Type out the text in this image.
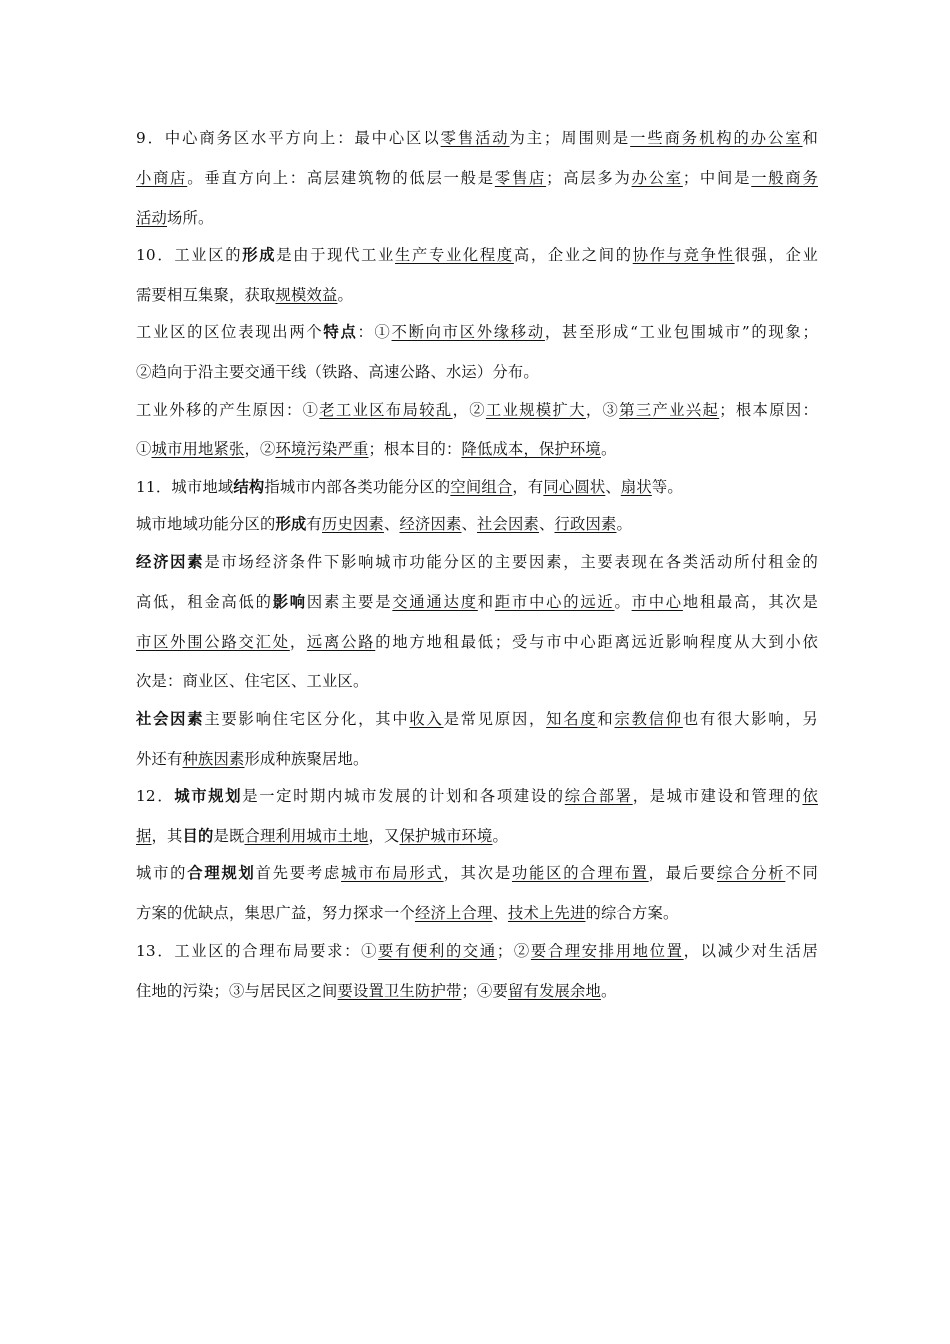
9．中心商务区水平方向上：最中心区以零售活动为主；周围则是一些商务机构的办公室和
小商店。垂直方向上：高层建筑物的低层一般是零售店；高层多为办公室；中间是一般商务
活动场所。
10．工业区的形成是由于现代工业生产专业化程度高，企业之间的协作与竞争性很强，企业
需要相互集聚，获取规模效益。
工业区的区位表现出两个特点：①不断向市区外缘移动，甚至形成“工业包围城市”的现象；
②趋向于沿主要交通干线（铁路、高速公路、水运）分布。
工业外移的产生原因：①老工业区布局较乱，②工业规模扩大，③第三产业兴起；根本原因：
①城市用地紧张，②环境污染严重；根本目的：降低成本，保护环境。
11．城市地域结构指城市内部各类功能分区的空间组合，有同心圆状、扇状等。
城市地域功能分区的形成有历史因素、经济因素、社会因素、行政因素。
经济因素是市场经济条件下影响城市功能分区的主要因素，主要表现在各类活动所付租金的
高低，租金高低的影响因素主要是交通通达度和距市中心的远近。市中心地租最高，其次是
市区外围公路交汇处，远离公路的地方地租最低；受与市中心距离远近影响程度从大到小依
次是：商业区、住宅区、工业区。
社会因素主要影响住宅区分化，其中收入是常见原因，知名度和宗教信仰也有很大影响，另
外还有种族因素形成种族聚居地。
12．城市规划是一定时期内城市发展的计划和各项建设的综合部署，是城市建设和管理的依
据，其目的是既合理利用城市土地，又保护城市环境。
城市的合理规划首先要考虑城市布局形式，其次是功能区的合理布置，最后要综合分析不同
方案的优缺点，集思广益，努力探求一个经济上合理、技术上先进的综合方案。
13．工业区的合理布局要求：①要有便利的交通；②要合理安排用地位置，以减少对生活居
住地的污染；③与居民区之间要设置卫生防护带；④要留有发展余地。
